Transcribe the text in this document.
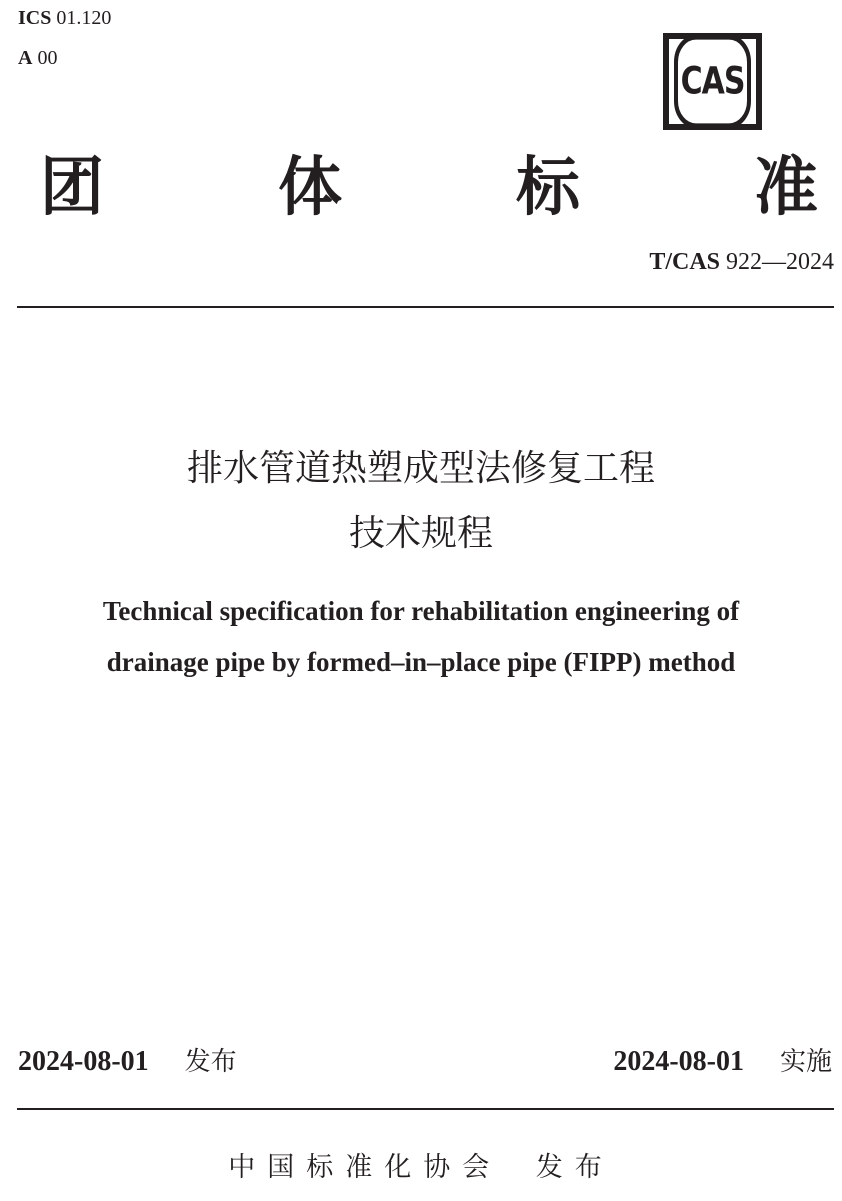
ICS 01.120
A 00
CAS
团	体	标	准
T/CAS 922—2024
排水管道热塑成型法修复工程
技术规程
Technical specification for rehabilitation engineering of
drainage pipe by formed–in–place pipe (FIPP) method
2024-08-01 发布	2024-08-01 实施
中国标准化协会 发布
